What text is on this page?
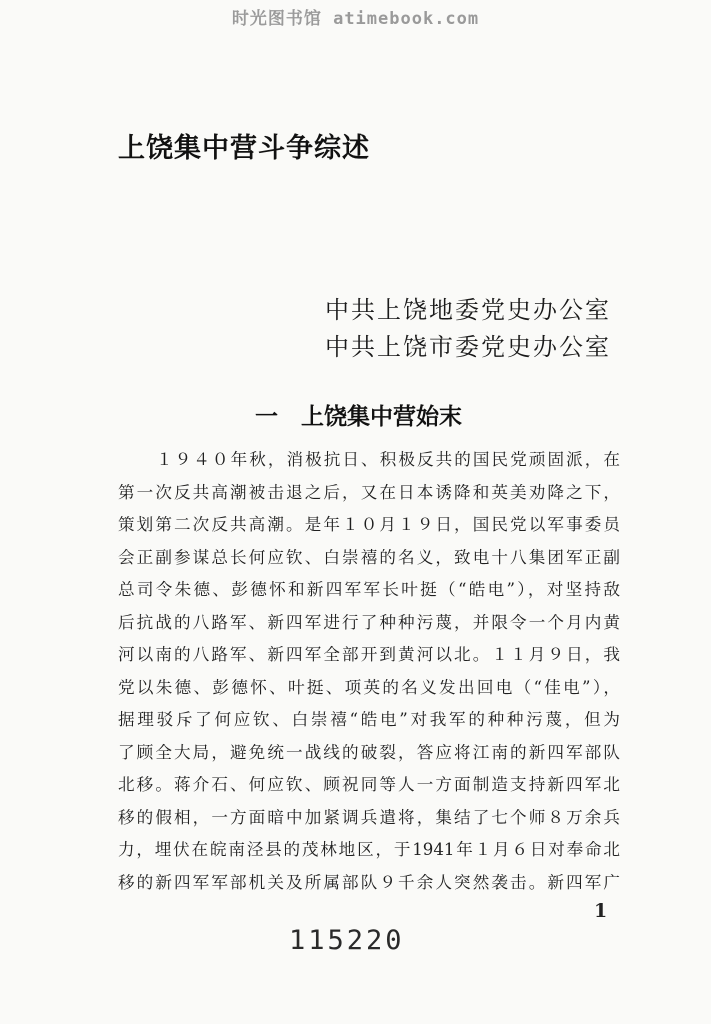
时光图书馆 atimebook.com
上饶集中营斗争综述
中共上饶地委党史办公室
中共上饶市委党史办公室
一　上饶集中营始末
１９４０年秋，消极抗日、积极反共的国民党顽固派，在
第一次反共高潮被击退之后，又在日本诱降和英美劝降之下，
策划第二次反共高潮。是年１０月１９日，国民党以军事委员
会正副参谋总长何应钦、白崇禧的名义，致电十八集团军正副
总司令朱德、彭德怀和新四军军长叶挺（“皓电”），对坚持敌
后抗战的八路军、新四军进行了种种污蔑，并限令一个月内黄
河以南的八路军、新四军全部开到黄河以北。１１月９日，我
党以朱德、彭德怀、叶挺、项英的名义发出回电（“佳电”），
据理驳斥了何应钦、白崇禧“皓电”对我军的种种污蔑，但为
了顾全大局，避免统一战线的破裂，答应将江南的新四军部队
北移。蒋介石、何应钦、顾祝同等人一方面制造支持新四军北
移的假相，一方面暗中加紧调兵遣将，集结了七个师８万余兵
力，埋伏在皖南泾县的茂林地区，于1941年１月６日对奉命北
移的新四军军部机关及所属部队９千余人突然袭击。新四军广
1
115220
